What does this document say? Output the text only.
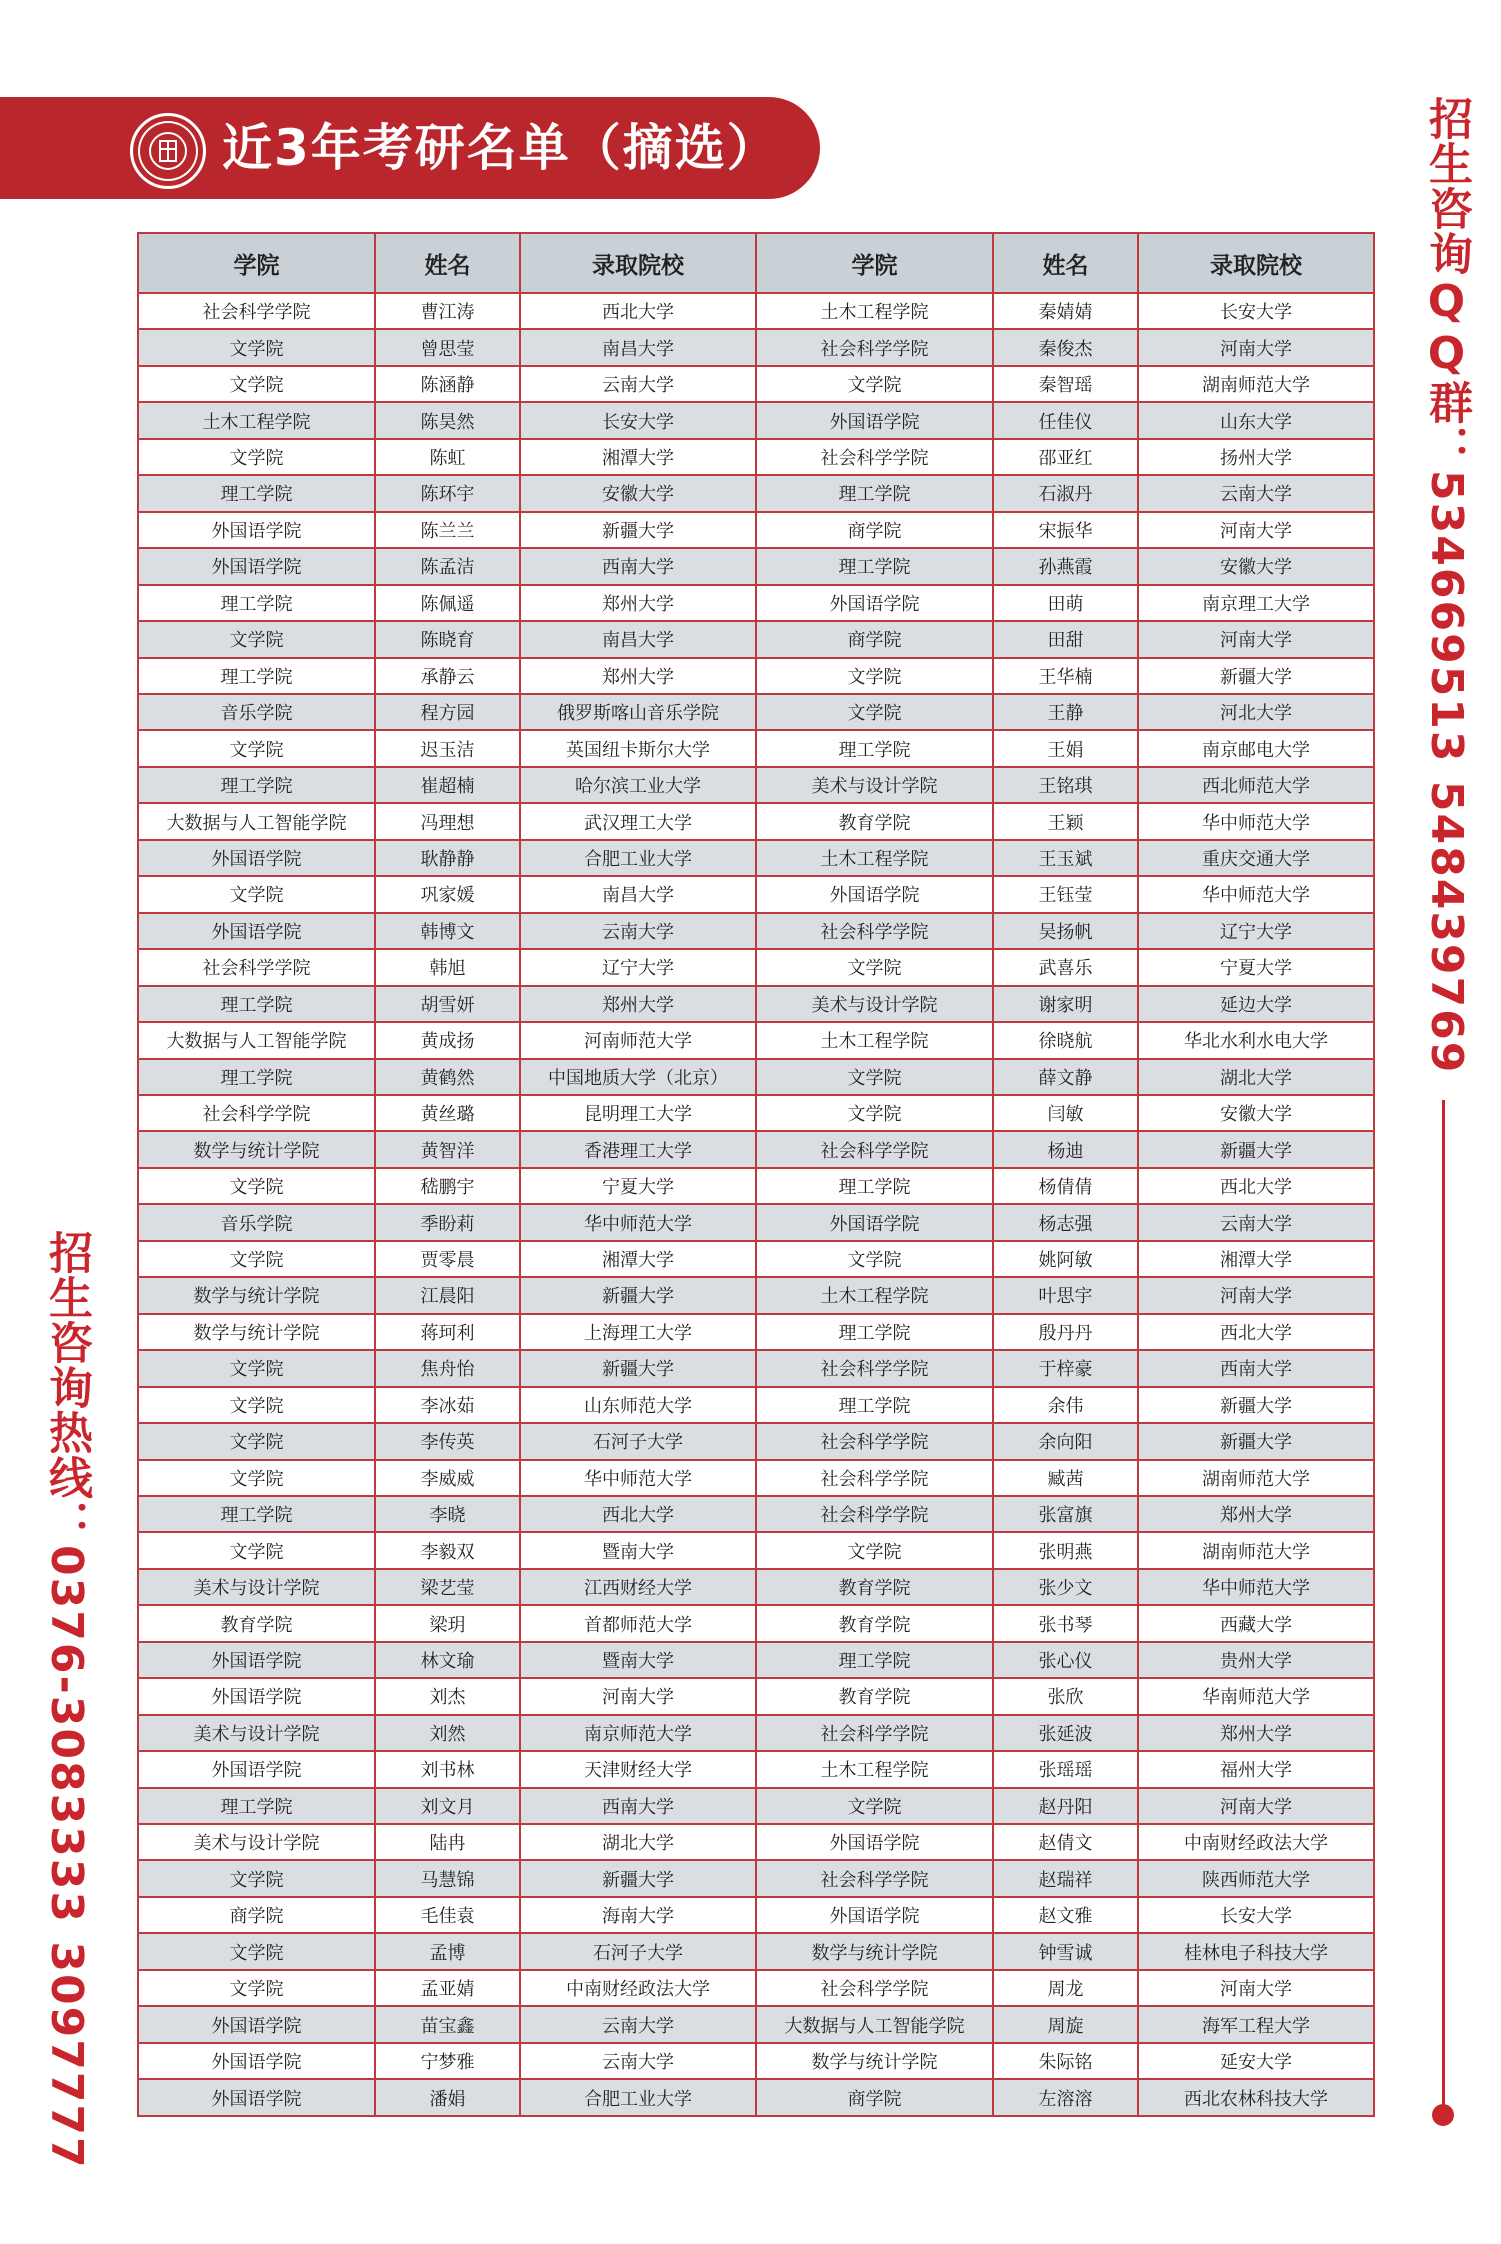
近3年考研名单（摘选）	招生咨询QQ群：534669513 548439769
招生咨询热线：0376-3083333 3097777
学院	姓名	录取院校	学院	姓名	录取院校
社会科学学院	曹江涛	西北大学	土木工程学院	秦婧婧	长安大学
文学院	曾思莹	南昌大学	社会科学学院	秦俊杰	河南大学
文学院	陈涵静	云南大学	文学院	秦智瑶	湖南师范大学
土木工程学院	陈昊然	长安大学	外国语学院	任佳仪	山东大学
文学院	陈虹	湘潭大学	社会科学学院	邵亚红	扬州大学
理工学院	陈环宇	安徽大学	理工学院	石淑丹	云南大学
外国语学院	陈兰兰	新疆大学	商学院	宋振华	河南大学
外国语学院	陈孟洁	西南大学	理工学院	孙燕霞	安徽大学
理工学院	陈佩遥	郑州大学	外国语学院	田萌	南京理工大学
文学院	陈晓育	南昌大学	商学院	田甜	河南大学
理工学院	承静云	郑州大学	文学院	王华楠	新疆大学
音乐学院	程方园	俄罗斯喀山音乐学院	文学院	王静	河北大学
文学院	迟玉洁	英国纽卡斯尔大学	理工学院	王娟	南京邮电大学
理工学院	崔超楠	哈尔滨工业大学	美术与设计学院	王铭琪	西北师范大学
大数据与人工智能学院	冯理想	武汉理工大学	教育学院	王颖	华中师范大学
外国语学院	耿静静	合肥工业大学	土木工程学院	王玉斌	重庆交通大学
文学院	巩家媛	南昌大学	外国语学院	王钰莹	华中师范大学
外国语学院	韩博文	云南大学	社会科学学院	吴扬帆	辽宁大学
社会科学学院	韩旭	辽宁大学	文学院	武喜乐	宁夏大学
理工学院	胡雪妍	郑州大学	美术与设计学院	谢家明	延边大学
大数据与人工智能学院	黄成扬	河南师范大学	土木工程学院	徐晓航	华北水利水电大学
理工学院	黄鹤然	中国地质大学（北京）	文学院	薛文静	湖北大学
社会科学学院	黄丝璐	昆明理工大学	文学院	闫敏	安徽大学
数学与统计学院	黄智洋	香港理工大学	社会科学学院	杨迪	新疆大学
文学院	嵇鹏宇	宁夏大学	理工学院	杨倩倩	西北大学
音乐学院	季盼莉	华中师范大学	外国语学院	杨志强	云南大学
文学院	贾零晨	湘潭大学	文学院	姚阿敏	湘潭大学
数学与统计学院	江晨阳	新疆大学	土木工程学院	叶思宇	河南大学
数学与统计学院	蒋珂利	上海理工大学	理工学院	殷丹丹	西北大学
文学院	焦舟怡	新疆大学	社会科学学院	于梓豪	西南大学
文学院	李冰茹	山东师范大学	理工学院	余伟	新疆大学
文学院	李传英	石河子大学	社会科学学院	余向阳	新疆大学
文学院	李威威	华中师范大学	社会科学学院	臧茜	湖南师范大学
理工学院	李晓	西北大学	社会科学学院	张富旗	郑州大学
文学院	李毅双	暨南大学	文学院	张明燕	湖南师范大学
美术与设计学院	梁艺莹	江西财经大学	教育学院	张少文	华中师范大学
教育学院	梁玥	首都师范大学	教育学院	张书琴	西藏大学
外国语学院	林文瑜	暨南大学	理工学院	张心仪	贵州大学
外国语学院	刘杰	河南大学	教育学院	张欣	华南师范大学
美术与设计学院	刘然	南京师范大学	社会科学学院	张延波	郑州大学
外国语学院	刘书林	天津财经大学	土木工程学院	张瑶瑶	福州大学
理工学院	刘文月	西南大学	文学院	赵丹阳	河南大学
美术与设计学院	陆冉	湖北大学	外国语学院	赵倩文	中南财经政法大学
文学院	马慧锦	新疆大学	社会科学学院	赵瑞祥	陕西师范大学
商学院	毛佳袁	海南大学	外国语学院	赵文雅	长安大学
文学院	孟博	石河子大学	数学与统计学院	钟雪诚	桂林电子科技大学
文学院	孟亚婧	中南财经政法大学	社会科学学院	周龙	河南大学
外国语学院	苗宝鑫	云南大学	大数据与人工智能学院	周旋	海军工程大学
外国语学院	宁梦雅	云南大学	数学与统计学院	朱际铭	延安大学
外国语学院	潘娟	合肥工业大学	商学院	左溶溶	西北农林科技大学
